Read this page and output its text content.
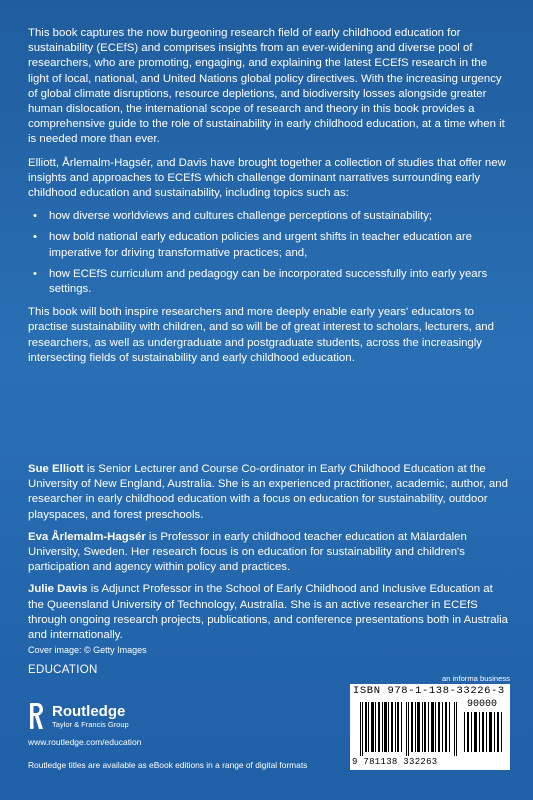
This book captures the now burgeoning research field of early childhood education for sustainability (ECEfS) and comprises insights from an ever-widening and diverse pool of researchers, who are promoting, engaging, and explaining the latest ECEfS research in the light of local, national, and United Nations global policy directives. With the increasing urgency of global climate disruptions, resource depletions, and biodiversity losses alongside greater human dislocation, the international scope of research and theory in this book provides a comprehensive guide to the role of sustainability in early childhood education, at a time when it is needed more than ever.

Elliott, Årlemalm-Hagsér, and Davis have brought together a collection of studies that offer new insights and approaches to ECEfS which challenge dominant narratives surrounding early childhood education and sustainability, including topics such as:

• how diverse worldviews and cultures challenge perceptions of sustainability;
• how bold national early education policies and urgent shifts in teacher education are imperative for driving transformative practices; and,
• how ECEfS curriculum and pedagogy can be incorporated successfully into early years settings.

This book will both inspire researchers and more deeply enable early years' educators to practise sustainability with children, and so will be of great interest to scholars, lecturers, and researchers, as well as undergraduate and postgraduate students, across the increasingly intersecting fields of sustainability and early childhood education.

Sue Elliott is Senior Lecturer and Course Co-ordinator in Early Childhood Education at the University of New England, Australia. She is an experienced practitioner, academic, author, and researcher in early childhood education with a focus on education for sustainability, outdoor playspaces, and forest preschools.

Eva Årlemalm-Hagsér is Professor in early childhood teacher education at Mälardalen University, Sweden. Her research focus is on education for sustainability and children's participation and agency within policy and practices.

Julie Davis is Adjunct Professor in the School of Early Childhood and Inclusive Education at the Queensland University of Technology, Australia. She is an active researcher in ECEfS through ongoing research projects, publications, and conference presentations both in Australia and internationally.

Cover image: © Getty Images
EDUCATION
Routledge
Taylor & Francis Group
www.routledge.com/education
Routledge titles are available as eBook editions in a range of digital formats
an informa business
ISBN 978-1-138-33226-3
90000
9 781138 332263
